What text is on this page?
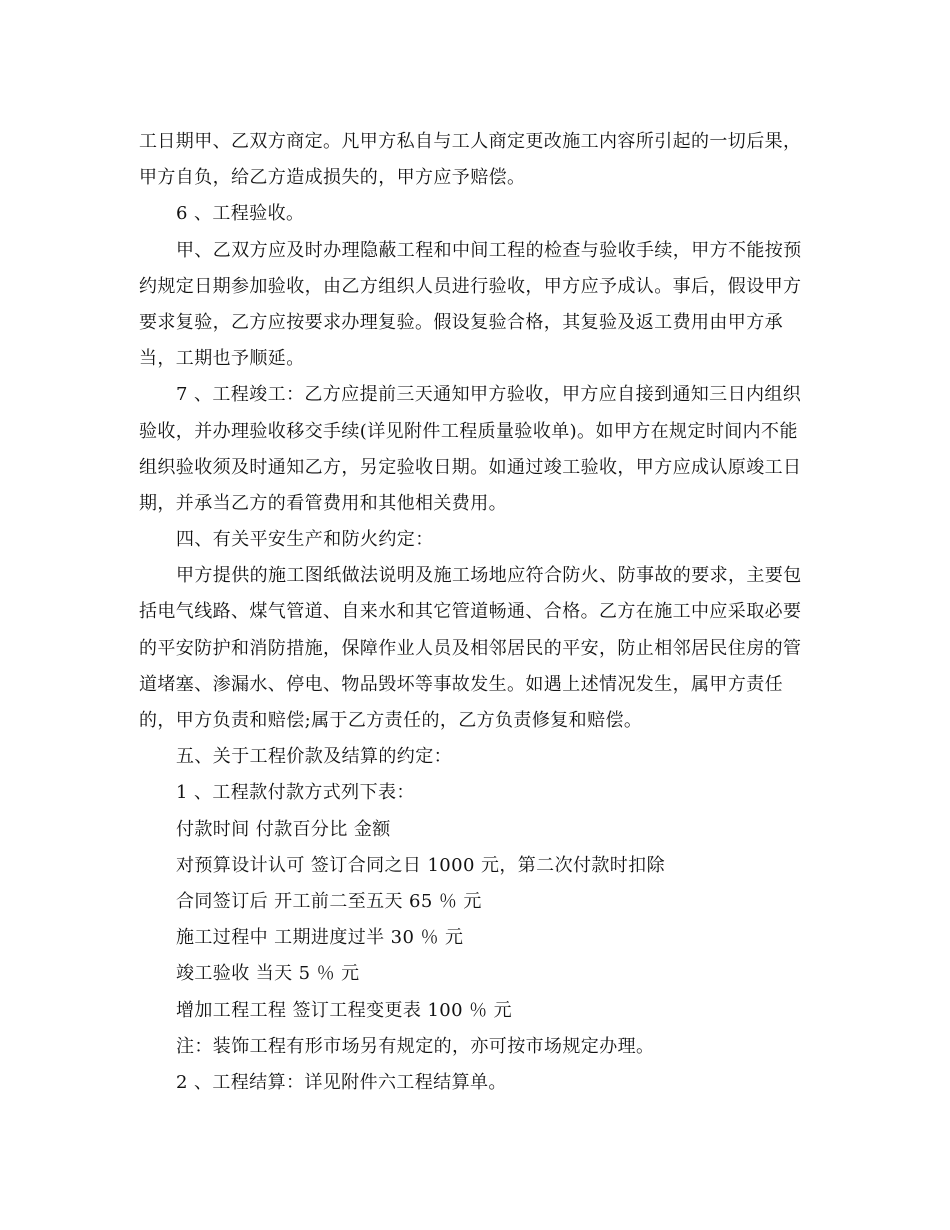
工日期甲、乙双方商定。凡甲方私自与工人商定更改施工内容所引起的一切后果，
甲方自负，给乙方造成损失的，甲方应予赔偿。
6 、工程验收。
甲、乙双方应及时办理隐蔽工程和中间工程的检查与验收手续，甲方不能按预
约规定日期参加验收，由乙方组织人员进行验收，甲方应予成认。事后，假设甲方
要求复验，乙方应按要求办理复验。假设复验合格，其复验及返工费用由甲方承
当，工期也予顺延。
7 、工程竣工：乙方应提前三天通知甲方验收，甲方应自接到通知三日内组织
验收，并办理验收移交手续(详见附件工程质量验收单)。如甲方在规定时间内不能
组织验收须及时通知乙方，另定验收日期。如通过竣工验收，甲方应成认原竣工日
期，并承当乙方的看管费用和其他相关费用。
四、有关平安生产和防火约定：
甲方提供的施工图纸做法说明及施工场地应符合防火、防事故的要求，主要包
括电气线路、煤气管道、自来水和其它管道畅通、合格。乙方在施工中应采取必要
的平安防护和消防措施，保障作业人员及相邻居民的平安，防止相邻居民住房的管
道堵塞、渗漏水、停电、物品毁坏等事故发生。如遇上述情况发生，属甲方责任
的，甲方负责和赔偿;属于乙方责任的，乙方负责修复和赔偿。
五、关于工程价款及结算的约定：
1 、工程款付款方式列下表：
付款时间 付款百分比 金额
对预算设计认可 签订合同之日 1000 元，第二次付款时扣除
合同签订后 开工前二至五天 65 ％ 元
施工过程中 工期进度过半 30 ％ 元
竣工验收 当天 5 ％ 元
增加工程工程 签订工程变更表 100 ％ 元
注：装饰工程有形市场另有规定的，亦可按市场规定办理。
2 、工程结算：详见附件六工程结算单。
